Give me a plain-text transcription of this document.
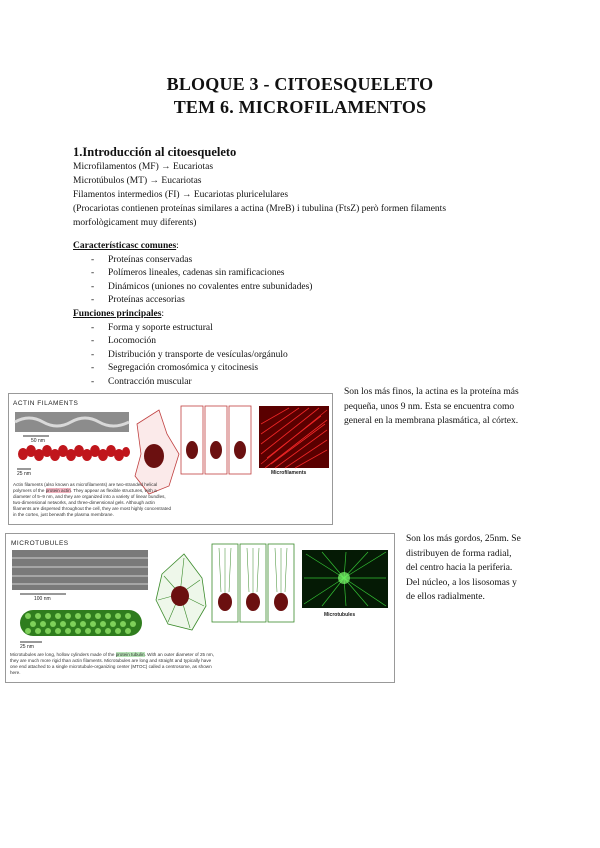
BLOQUE 3 - CITOESQUELETO
TEM 6. MICROFILAMENTOS
1.Introducción al citoesqueleto
Microfilamentos (MF) → Eucariotas
Microtúbulos (MT) → Eucariotas
Filamentos intermedios (FI) → Eucariotas pluricelulares
(Procariotas contienen proteínas similares a actina (MreB) i tubulina (FtsZ) però formen filaments morfològicament muy diferents)
Característicasc comunes:
- Proteínas conservadas
- Polímeros lineales, cadenas sin ramificaciones
- Dinámicos (uniones no covalentes entre subunidades)
- Proteínas accesorias
Funciones principales:
- Forma y soporte estructural
- Locomoción
- Distribución y transporte de vesículas/orgánulo
- Segregación cromosómica y citocinesis
- Contracción muscular
ACTIN FILAMENTS
50 nm
25 nm	Microfilaments
Actin filaments (also known as microfilaments) are two-stranded helical polymers of the protein actin. They appear as flexible structures, with a diameter of 5–9 nm, and they are organized into a variety of linear bundles, two-dimensional networks, and three-dimensional gels. Although actin filaments are dispersed throughout the cell, they are most highly concentrated in the cortex, just beneath the plasma membrane.
Son los más finos, la actina es la proteína más pequeña, unos 9 nm. Esta se encuentra como general en la membrana plasmática, al córtex.
MICROTUBULES
100 nm
25 nm
Microtubules
Microtubules are long, hollow cylinders made of the protein tubulin. With an outer diameter of 25 nm, they are much more rigid than actin filaments. Microtubules are long and straight and typically have one end attached to a single microtubule-organizing center (MTOC) called a centrosome, as shown here.
Son los más gordos, 25nm. Se distribuyen de forma radial, del centro hacia la periferia. Del núcleo, a los lisosomas y de ellos radialmente.
